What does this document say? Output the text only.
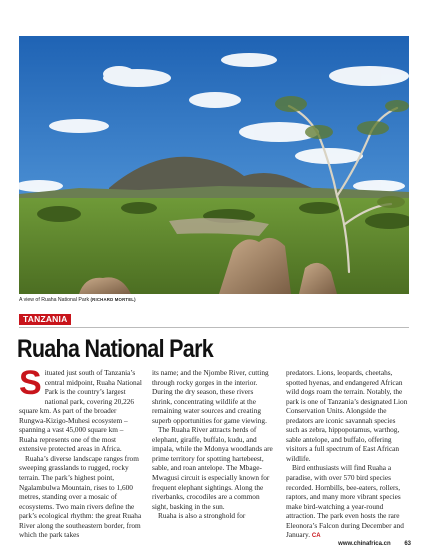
A view of Ruaha National Park (RICHARD MORTEL)
TANZANIA
Ruaha National Park

Situated just south of Tanzania’s central midpoint, Ruaha National Park is the country’s largest national park, covering 20,226 square km. As part of the broader Rungwa-Kizigo-Muhesi ecosystem – spanning a vast 45,000 square km – Ruaha represents one of the most extensive protected areas in Africa.

Ruaha’s diverse landscape ranges from sweeping grasslands to rugged, rocky terrain. The park’s highest point, Ngalambulwa Mountain, rises to 1,600 metres, standing over a mosaic of ecosystems. Two main rivers define the park’s ecological rhythm: the great Ruaha River along the southeastern border, from which the park takes

its name; and the Njombe River, cutting through rocky gorges in the interior. During the dry season, these rivers shrink, concentrating wildlife at the remaining water sources and creating superb opportunities for game viewing.

The Ruaha River attracts herds of elephant, giraffe, buffalo, kudu, and impala, while the Mdonya woodlands are prime territory for spotting hartebeest, sable, and roan antelope. The Mbage-Mwagusi circuit is especially known for frequent elephant sightings. Along the riverbanks, crocodiles are a common sight, basking in the sun.

Ruaha is also a stronghold for

predators. Lions, leopards, cheetahs, spotted hyenas, and endangered African wild dogs roam the terrain. Notably, the park is one of Tanzania’s designated Lion Conservation Units. Alongside the predators are iconic savannah species such as zebra, hippopotamus, warthog, sable antelope, and buffalo, offering visitors a full spectrum of East African wildlife.

Bird enthusiasts will find Ruaha a paradise, with over 570 bird species recorded. Hornbills, bee-eaters, rollers, raptors, and many more vibrant species make bird-watching a year-round attraction. The park even hosts the rare Eleonora’s Falcon during December and January. CA

www.chinafrica.cn 63
